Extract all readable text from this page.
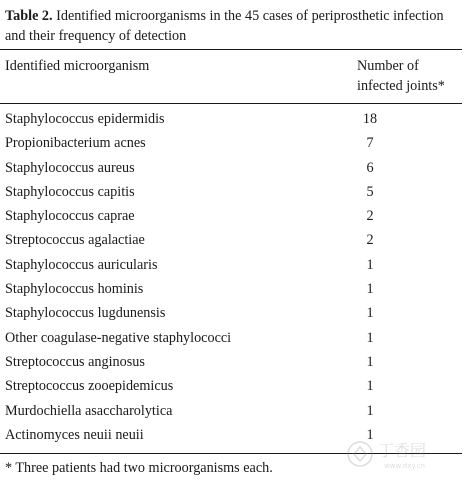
Table 2. Identified microorganisms in the 45 cases of periprosthetic infection and their frequency of detection
Identified microorganism	Number of
infected joints*
Staphylococcus epidermidis	18
Propionibacterium acnes	7
Staphylococcus aureus	6
Staphylococcus capitis	5
Staphylococcus caprae	2
Streptococcus agalactiae	2
Staphylococcus auricularis	1
Staphylococcus hominis	1
Staphylococcus lugdunensis	1
Other coagulase-negative staphylococci	1
Streptococcus anginosus	1
Streptococcus zooepidemicus	1
Murdochiella asaccharolytica	1
Actinomyces neuii neuii	1
* Three patients had two microorganisms each.
丁香园
www.dxy.cn
